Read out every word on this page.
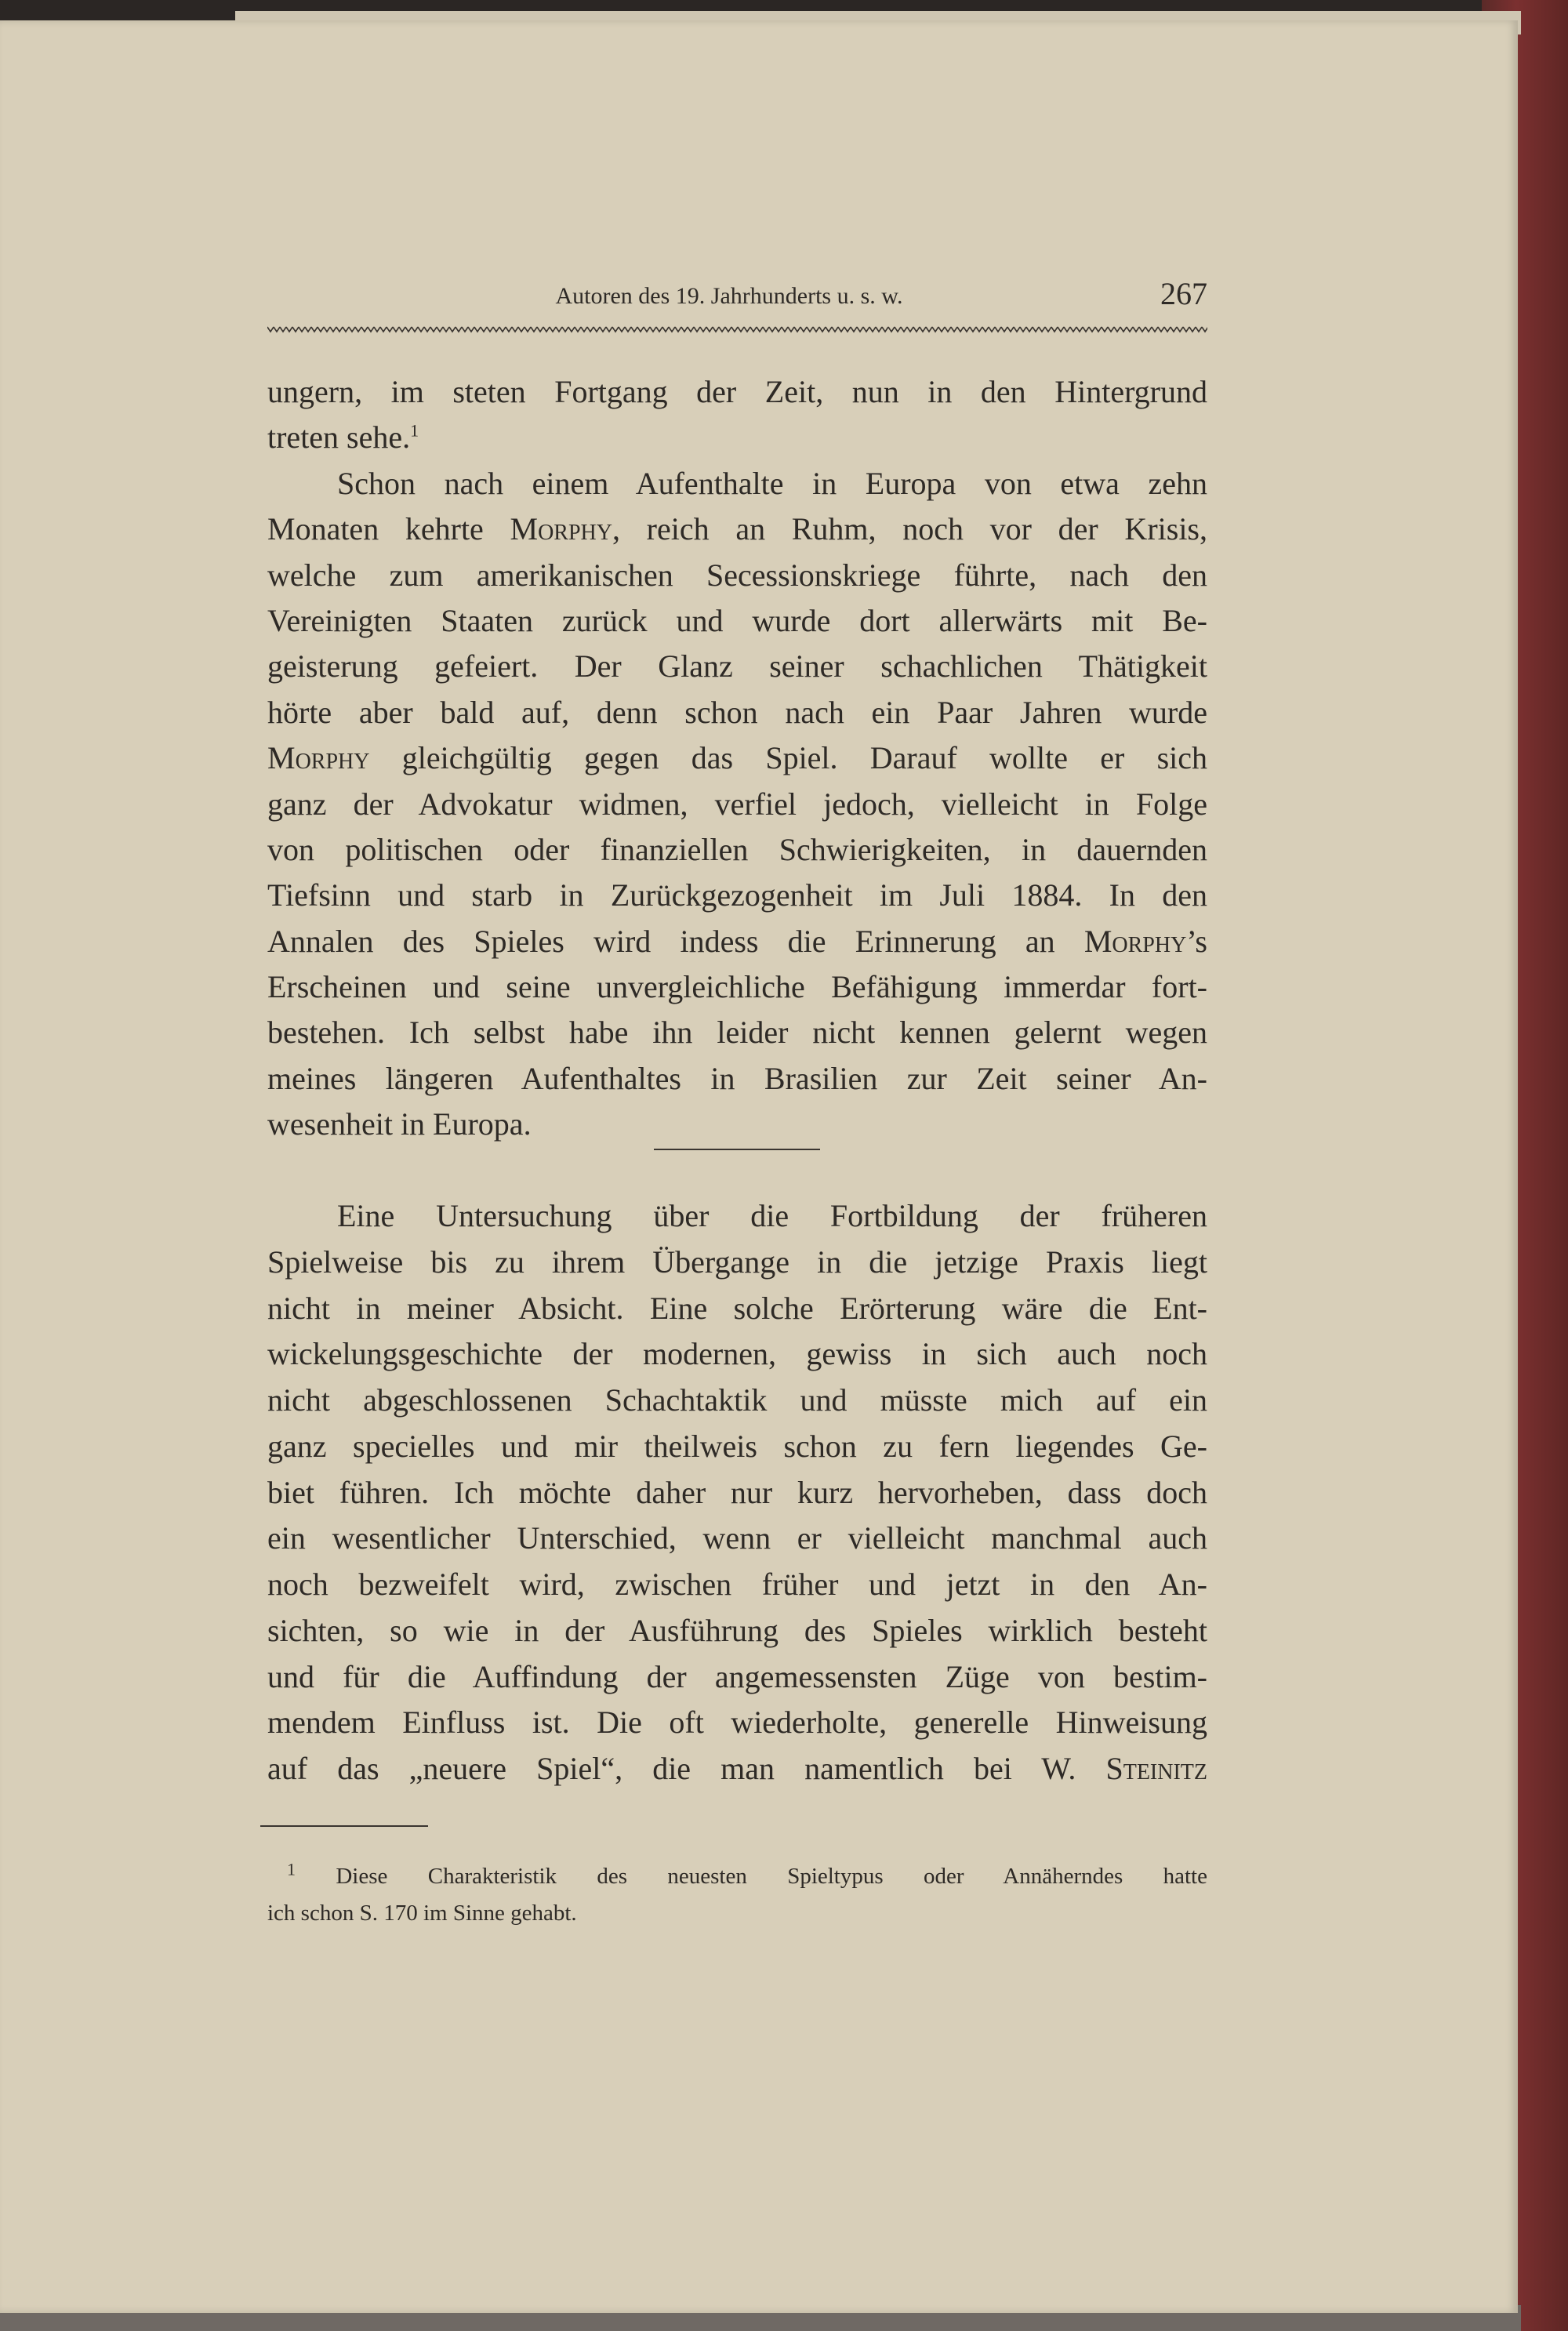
Autoren des 19. Jahrhunderts u. s. w.	267
ungern, im steten Fortgang der Zeit, nun in den Hintergrund
treten sehe.$^1$
Schon nach einem Aufenthalte in Europa von etwa zehn
Monaten kehrte Morphy, reich an Ruhm, noch vor der Krisis,
welche zum amerikanischen Secessionskriege führte, nach den
Vereinigten Staaten zurück und wurde dort allerwärts mit Be-
geisterung gefeiert. Der Glanz seiner schachlichen Thätigkeit
hörte aber bald auf, denn schon nach ein Paar Jahren wurde
Morphy gleichgültig gegen das Spiel. Darauf wollte er sich
ganz der Advokatur widmen, verfiel jedoch, vielleicht in Folge
von politischen oder finanziellen Schwierigkeiten, in dauernden
Tiefsinn und starb in Zurückgezogenheit im Juli 1884. In den
Annalen des Spieles wird indess die Erinnerung an Morphy’s
Erscheinen und seine unvergleichliche Befähigung immerdar fort-
bestehen. Ich selbst habe ihn leider nicht kennen gelernt wegen
meines längeren Aufenthaltes in Brasilien zur Zeit seiner An-
wesenheit in Europa.
Eine Untersuchung über die Fortbildung der früheren
Spielweise bis zu ihrem Übergange in die jetzige Praxis liegt
nicht in meiner Absicht. Eine solche Erörterung wäre die Ent-
wickelungsgeschichte der modernen, gewiss in sich auch noch
nicht abgeschlossenen Schachtaktik und müsste mich auf ein
ganz specielles und mir theilweis schon zu fern liegendes Ge-
biet führen. Ich möchte daher nur kurz hervorheben, dass doch
ein wesentlicher Unterschied, wenn er vielleicht manchmal auch
noch bezweifelt wird, zwischen früher und jetzt in den An-
sichten, so wie in der Ausführung des Spieles wirklich besteht
und für die Auffindung der angemessensten Züge von bestim-
mendem Einfluss ist. Die oft wiederholte, generelle Hinweisung
auf das „neuere Spiel“, die man namentlich bei W. Steinitz
$^1$ Diese Charakteristik des neuesten Spieltypus oder Annäherndes hatte
ich schon S. 170 im Sinne gehabt.
